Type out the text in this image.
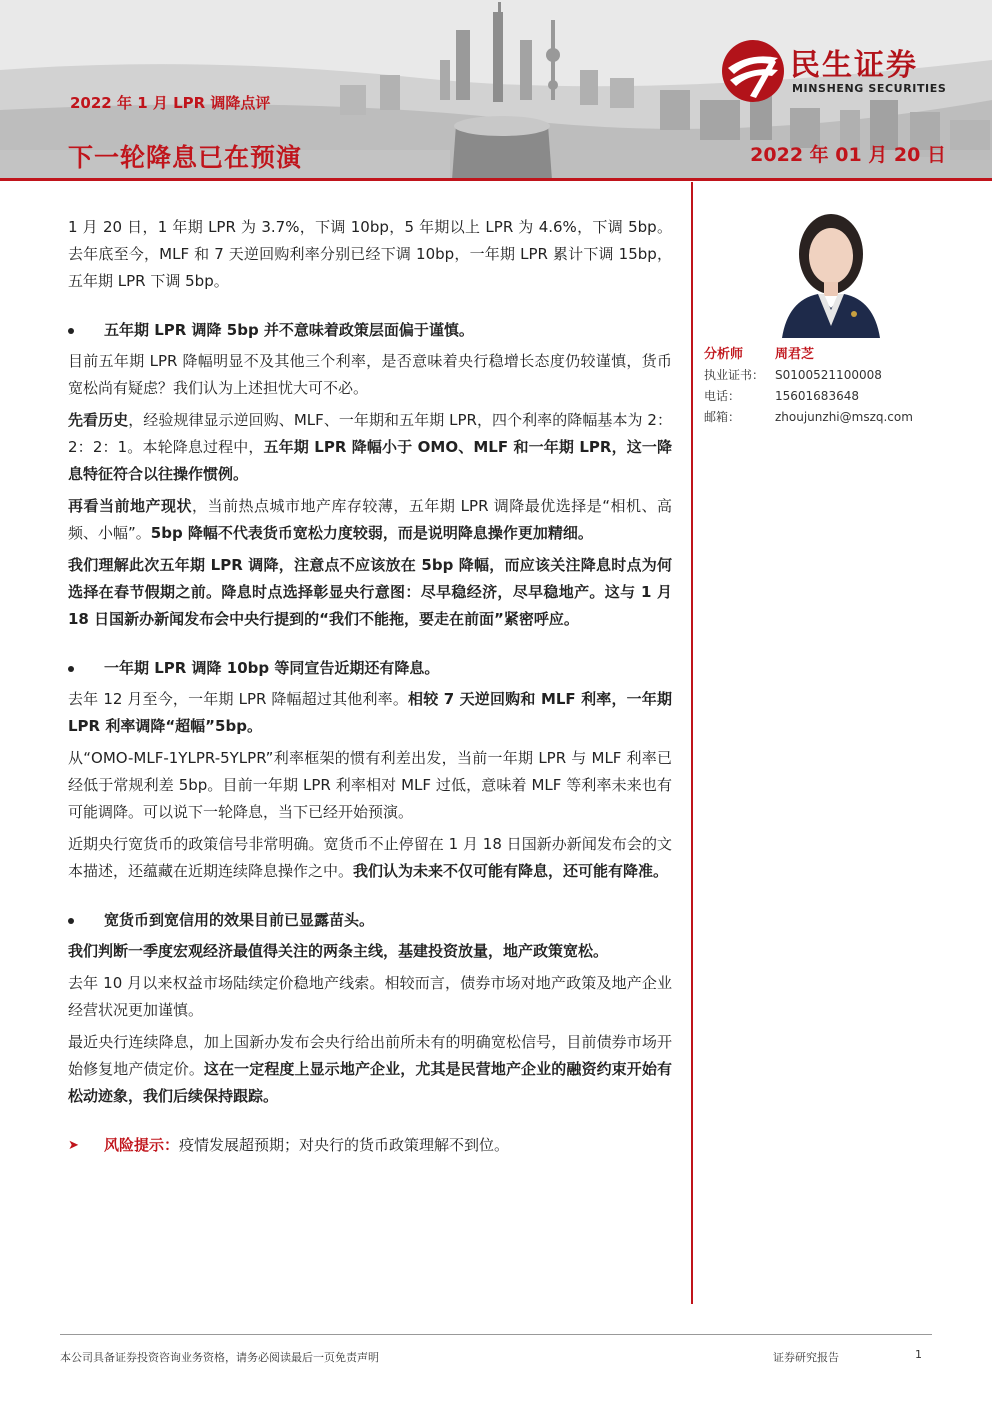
2022 年 1 月 LPR 调降点评
下一轮降息已在预演	2022 年 01 月 20 日
民生证券
MINSHENG SECURITIES

1 月 20 日，1 年期 LPR 为 3.7%，下调 10bp，5 年期以上 LPR 为 4.6%，下调 5bp。去年底至今，MLF 和 7 天逆回购利率分别已经下调 10bp，一年期 LPR 累计下调 15bp，五年期 LPR 下调 5bp。

五年期 LPR 调降 5bp 并不意味着政策层面偏于谨慎。

目前五年期 LPR 降幅明显不及其他三个利率，是否意味着央行稳增长态度仍较谨慎，货币宽松尚有疑虑？我们认为上述担忧大可不必。

先看历史，经验规律显示逆回购、MLF、一年期和五年期 LPR，四个利率的降幅基本为 2：2：2：1。本轮降息过程中，五年期 LPR 降幅小于 OMO、MLF 和一年期 LPR，这一降息特征符合以往操作惯例。

再看当前地产现状，当前热点城市地产库存较薄，五年期 LPR 调降最优选择是“相机、高频、小幅”。5bp 降幅不代表货币宽松力度较弱，而是说明降息操作更加精细。

我们理解此次五年期 LPR 调降，注意点不应该放在 5bp 降幅，而应该关注降息时点为何选择在春节假期之前。降息时点选择彰显央行意图：尽早稳经济，尽早稳地产。这与 1 月 18 日国新办新闻发布会中央行提到的“我们不能拖，要走在前面”紧密呼应。

一年期 LPR 调降 10bp 等同宣告近期还有降息。

去年 12 月至今，一年期 LPR 降幅超过其他利率。相较 7 天逆回购和 MLF 利率，一年期 LPR 利率调降“超幅”5bp。

从“OMO-MLF-1YLPR-5YLPR”利率框架的惯有利差出发，当前一年期 LPR 与 MLF 利率已经低于常规利差 5bp。目前一年期 LPR 利率相对 MLF 过低，意味着 MLF 等利率未来也有可能调降。可以说下一轮降息，当下已经开始预演。

近期央行宽货币的政策信号非常明确。宽货币不止停留在 1 月 18 日国新办新闻发布会的文本描述，还蕴藏在近期连续降息操作之中。我们认为未来不仅可能有降息，还可能有降准。

宽货币到宽信用的效果目前已显露苗头。

我们判断一季度宏观经济最值得关注的两条主线，基建投资放量，地产政策宽松。

去年 10 月以来权益市场陆续定价稳地产线索。相较而言，债券市场对地产政策及地产企业经营状况更加谨慎。

最近央行连续降息，加上国新办发布会央行给出前所未有的明确宽松信号，目前债券市场开始修复地产债定价。这在一定程度上显示地产企业，尤其是民营地产企业的融资约束开始有松动迹象，我们后续保持跟踪。

➤ 风险提示：疫情发展超预期；对央行的货币政策理解不到位。
分析师 周君芝
执业证书： S0100521100008
电话：	15601683648
邮箱：	zhoujunzhi@mszq.com
本公司具备证券投资咨询业务资格，请务必阅读最后一页免责声明	证券研究报告	1
